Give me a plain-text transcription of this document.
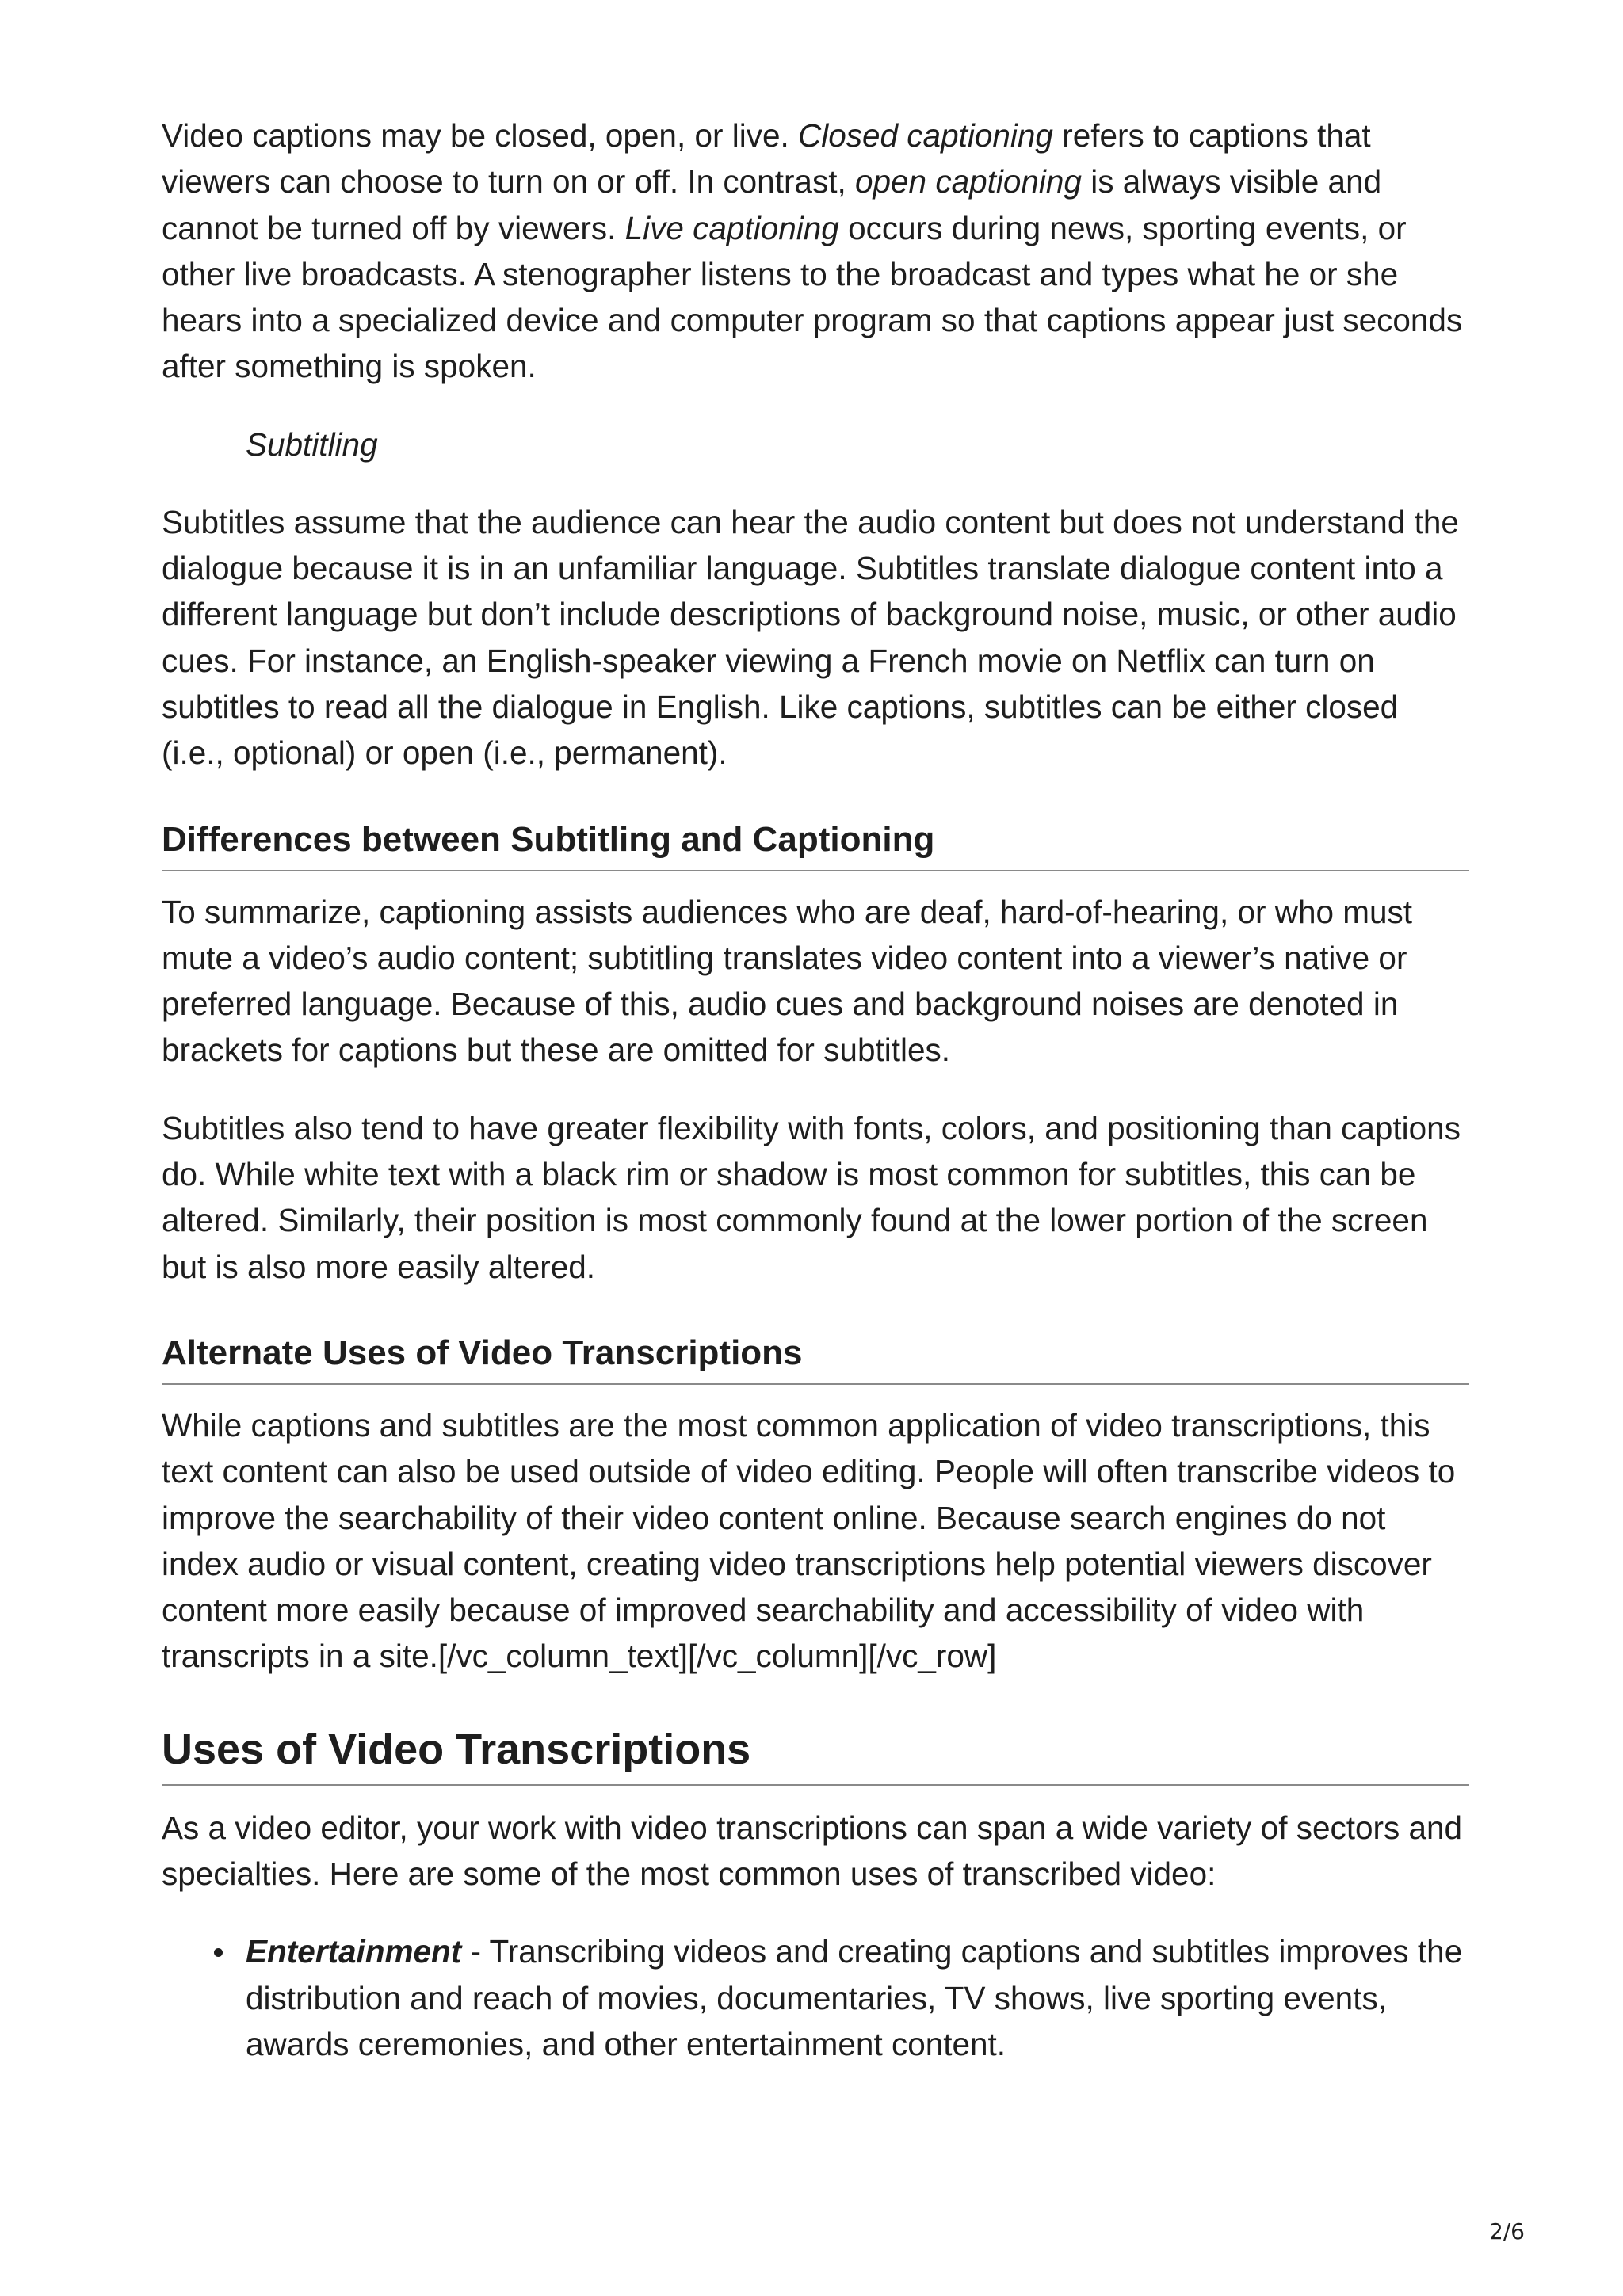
Video captions may be closed, open, or live. Closed captioning refers to captions that viewers can choose to turn on or off. In contrast, open captioning is always visible and cannot be turned off by viewers. Live captioning occurs during news, sporting events, or other live broadcasts. A stenographer listens to the broadcast and types what he or she hears into a specialized device and computer program so that captions appear just seconds after something is spoken.

Subtitling

Subtitles assume that the audience can hear the audio content but does not understand the dialogue because it is in an unfamiliar language. Subtitles translate dialogue content into a different language but don’t include descriptions of background noise, music, or other audio cues. For instance, an English-speaker viewing a French movie on Netflix can turn on subtitles to read all the dialogue in English. Like captions, subtitles can be either closed (i.e., optional) or open (i.e., permanent).

Differences between Subtitling and Captioning

To summarize, captioning assists audiences who are deaf, hard-of-hearing, or who must mute a video’s audio content; subtitling translates video content into a viewer’s native or preferred language. Because of this, audio cues and background noises are denoted in brackets for captions but these are omitted for subtitles.

Subtitles also tend to have greater flexibility with fonts, colors, and positioning than captions do. While white text with a black rim or shadow is most common for subtitles, this can be altered. Similarly, their position is most commonly found at the lower portion of the screen but is also more easily altered.

Alternate Uses of Video Transcriptions

While captions and subtitles are the most common application of video transcriptions, this text content can also be used outside of video editing. People will often transcribe videos to improve the searchability of their video content online. Because search engines do not index audio or visual content, creating video transcriptions help potential viewers discover content more easily because of improved searchability and accessibility of video with transcripts in a site.[/vc_column_text][/vc_column][/vc_row]

Uses of Video Transcriptions

As a video editor, your work with video transcriptions can span a wide variety of sectors and specialties. Here are some of the most common uses of transcribed video:

Entertainment - Transcribing videos and creating captions and subtitles improves the distribution and reach of movies, documentaries, TV shows, live sporting events, awards ceremonies, and other entertainment content.
2/6
